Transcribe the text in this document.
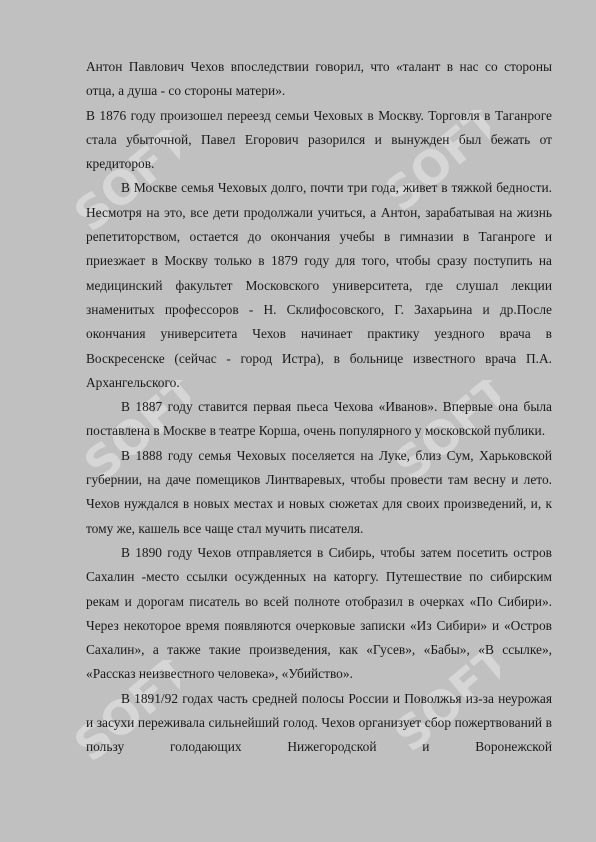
SOFT	SOFT
SOFT	SOFT
SOFT	SOFT

Антон Павлович Чехов впоследствии говорил, что «талант в нас со стороны отца, а душа - со стороны матери».

В 1876 году произошел переезд семьи Чеховых в Москву. Торговля в Таганроге стала убыточной, Павел Егорович разорился и вынужден был бежать от кредиторов.

В Москве семья Чеховых долго, почти три года, живет в тяжкой бедности. Несмотря на это, все дети продолжали учиться, а Антон, зарабатывая на жизнь репетиторством, остается до окончания учебы в гимназии в Таганроге и приезжает в Москву только в 1879 году для того, чтобы сразу поступить на медицинский факультет Московского университета, где слушал лекции знаменитых профессоров - Н. Склифосовского, Г. Захарьина и др.После окончания университета Чехов начинает практику уездного врача в Воскресенске (сейчас - город Истра), в больнице известного врача П.А. Архангельского.

В 1887 году ставится первая пьеса Чехова «Иванов». Впервые она была поставлена в Москве в театре Корша, очень популярного у московской публики.

В 1888 году семья Чеховых поселяется на Луке, близ Сум, Харьковской губернии, на даче помещиков Линтваревых, чтобы провести там весну и лето. Чехов нуждался в новых местах и новых сюжетах для своих произведений, и, к тому же, кашель все чаще стал мучить писателя.

В 1890 году Чехов отправляется в Сибирь, чтобы затем посетить остров Сахалин -место ссылки осужденных на каторгу. Путешествие по сибирским рекам и дорогам писатель во всей полноте отобразил в очерках «По Сибири». Через некоторое время появляются очерковые записки «Из Сибири» и «Остров Сахалин», а также такие произведения, как «Гусев», «Бабы», «В ссылке», «Рассказ неизвестного человека», «Убийство».

В 1891/92 годах часть средней полосы России и Поволжья из-за неурожая и засухи переживала сильнейший голод. Чехов организует сбор пожертвований в пользу голодающих Нижегородской и Воронежской
